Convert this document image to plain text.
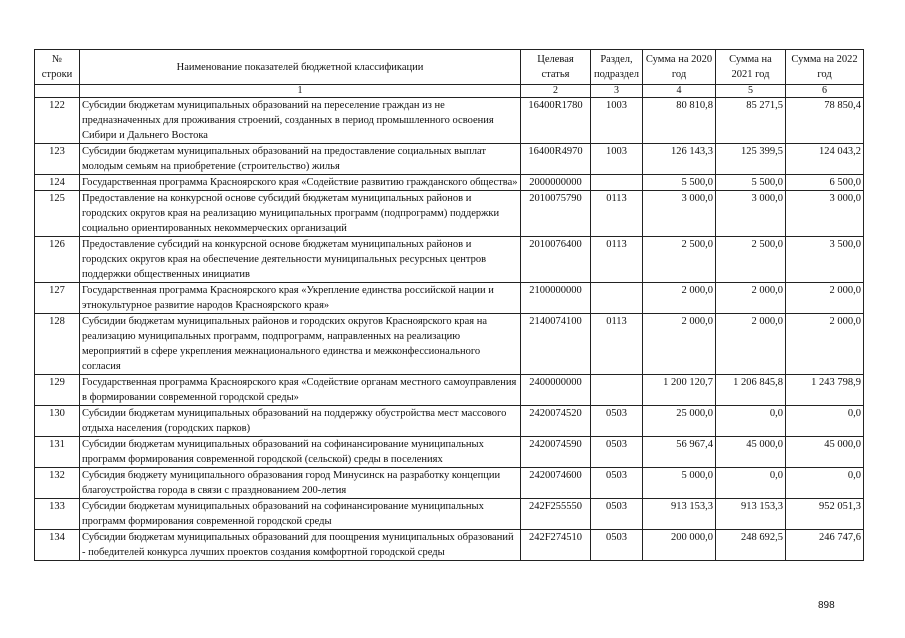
№ строки	Наименование показателей бюджетной классификации	Целевая статья	Раздел, подраздел	Сумма на 2020 год	Сумма на 2021 год	Сумма на 2022 год
	1	2	3	4	5	6
122	Субсидии бюджетам муниципальных образований на переселение граждан из не предназначенных для проживания строений, созданных в период промышленного освоения Сибири и Дальнего Востока	16400R1780	1003	80 810,8	85 271,5	78 850,4
123	Субсидии бюджетам муниципальных образований на предоставление социальных выплат молодым семьям на приобретение (строительство) жилья	16400R4970	1003	126 143,3	125 399,5	124 043,2
124	Государственная программа Красноярского края «Содействие развитию гражданского общества»	2000000000		5 500,0	5 500,0	6 500,0
125	Предоставление на конкурсной основе субсидий бюджетам муниципальных районов и городских округов края на реализацию муниципальных программ (подпрограмм) поддержки социально ориентированных некоммерческих организаций	2010075790	0113	3 000,0	3 000,0	3 000,0
126	Предоставление субсидий на конкурсной основе бюджетам муниципальных районов и городских округов края на обеспечение деятельности муниципальных ресурсных центров поддержки общественных инициатив	2010076400	0113	2 500,0	2 500,0	3 500,0
127	Государственная программа Красноярского края «Укрепление единства российской нации и этнокультурное развитие народов Красноярского края»	2100000000		2 000,0	2 000,0	2 000,0
128	Субсидии бюджетам муниципальных районов и городских округов Красноярского края на реализацию муниципальных программ, подпрограмм, направленных на реализацию мероприятий в сфере укрепления межнационального единства и межконфессионального согласия	2140074100	0113	2 000,0	2 000,0	2 000,0
129	Государственная программа Красноярского края «Содействие органам местного самоуправления в формировании современной городской среды»	2400000000		1 200 120,7	1 206 845,8	1 243 798,9
130	Субсидии бюджетам муниципальных образований на поддержку обустройства мест массового отдыха населения (городских парков)	2420074520	0503	25 000,0	0,0	0,0
131	Субсидии бюджетам муниципальных образований на софинансирование муниципальных программ формирования современной городской (сельской) среды в поселениях	2420074590	0503	56 967,4	45 000,0	45 000,0
132	Субсидия бюджету муниципального образования город Минусинск на разработку концепции благоустройства города в связи с празднованием 200-летия	2420074600	0503	5 000,0	0,0	0,0
133	Субсидии бюджетам муниципальных образований на софинансирование муниципальных программ формирования современной городской среды	242F255550	0503	913 153,3	913 153,3	952 051,3
134	Субсидии бюджетам муниципальных образований для поощрения муниципальных образований - победителей конкурса лучших проектов создания комфортной городской среды	242F274510	0503	200 000,0	248 692,5	246 747,6
898
